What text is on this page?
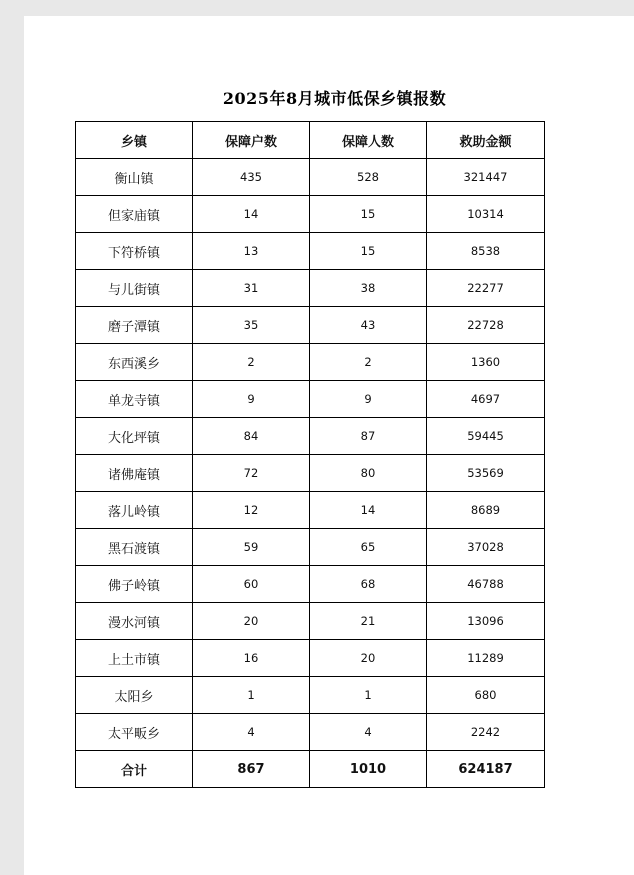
2025年8月城市低保乡镇报数
乡镇	保障户数	保障人数	救助金额
衡山镇	435	528	321447
但家庙镇	14	15	10314
下符桥镇	13	15	8538
与儿街镇	31	38	22277
磨子潭镇	35	43	22728
东西溪乡	2	2	1360
单龙寺镇	9	9	4697
大化坪镇	84	87	59445
诸佛庵镇	72	80	53569
落儿岭镇	12	14	8689
黑石渡镇	59	65	37028
佛子岭镇	60	68	46788
漫水河镇	20	21	13096
上土市镇	16	20	11289
太阳乡	1	1	680
太平畈乡	4	4	2242
合计	867	1010	624187
